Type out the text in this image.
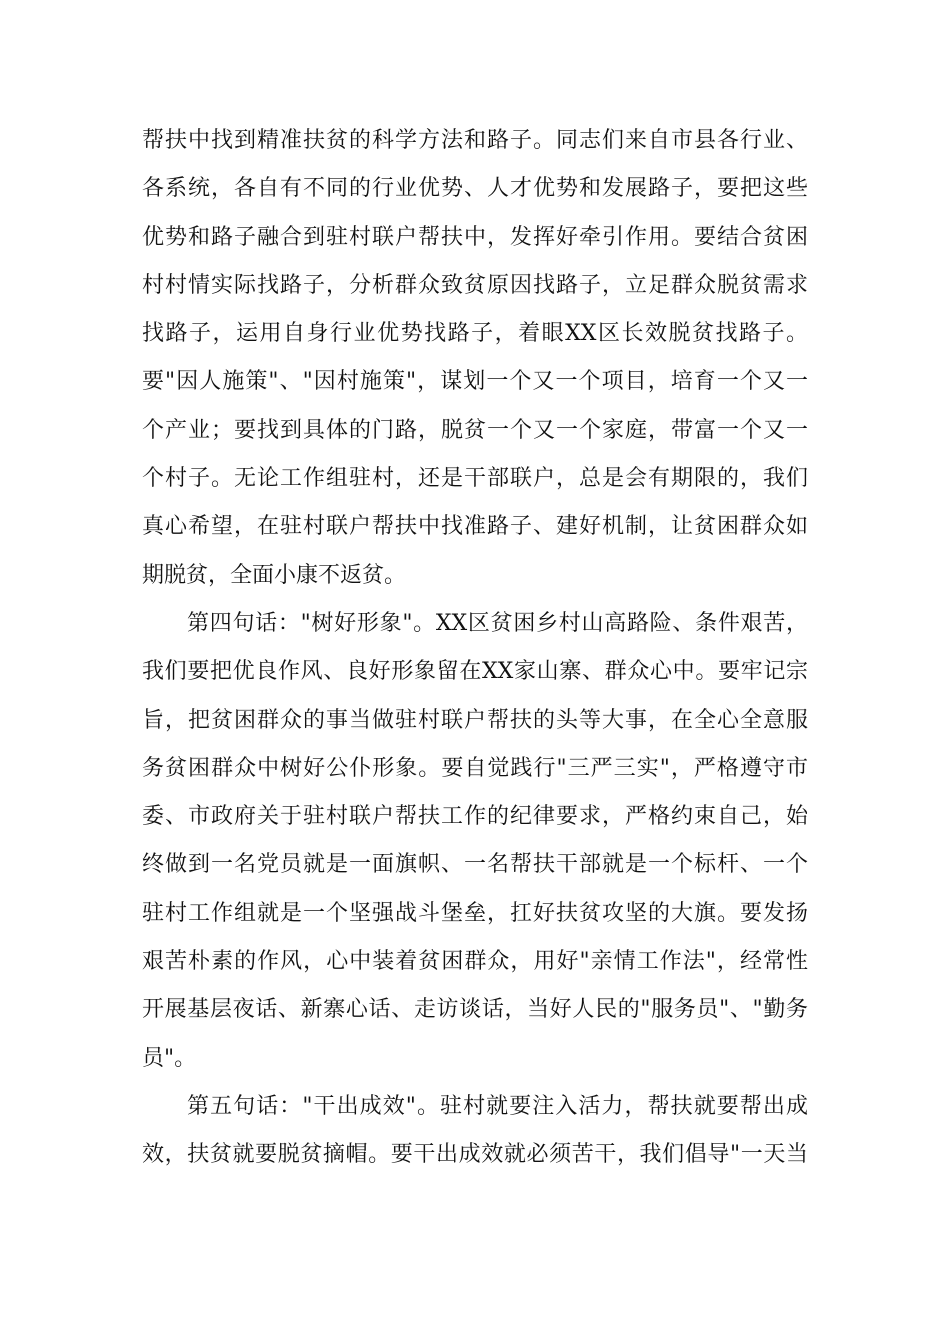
帮扶中找到精准扶贫的科学方法和路子。同志们来自市县各行业、
各系统，各自有不同的行业优势、人才优势和发展路子，要把这些
优势和路子融合到驻村联户帮扶中，发挥好牵引作用。要结合贫困
村村情实际找路子，分析群众致贫原因找路子，立足群众脱贫需求
找路子，运用自身行业优势找路子，着眼XX区长效脱贫找路子。
要"因人施策"、"因村施策"，谋划一个又一个项目，培育一个又一
个产业；要找到具体的门路，脱贫一个又一个家庭，带富一个又一
个村子。无论工作组驻村，还是干部联户，总是会有期限的，我们
真心希望，在驻村联户帮扶中找准路子、建好机制，让贫困群众如
期脱贫，全面小康不返贫。
第四句话："树好形象"。XX区贫困乡村山高路险、条件艰苦，
我们要把优良作风、良好形象留在XX家山寨、群众心中。要牢记宗
旨，把贫困群众的事当做驻村联户帮扶的头等大事，在全心全意服
务贫困群众中树好公仆形象。要自觉践行"三严三实"，严格遵守市
委、市政府关于驻村联户帮扶工作的纪律要求，严格约束自己，始
终做到一名党员就是一面旗帜、一名帮扶干部就是一个标杆、一个
驻村工作组就是一个坚强战斗堡垒，扛好扶贫攻坚的大旗。要发扬
艰苦朴素的作风，心中装着贫困群众，用好"亲情工作法"，经常性
开展基层夜话、新寨心话、走访谈话，当好人民的"服务员"、"勤务
员"。
第五句话："干出成效"。驻村就要注入活力，帮扶就要帮出成
效，扶贫就要脱贫摘帽。要干出成效就必须苦干，我们倡导"一天当
